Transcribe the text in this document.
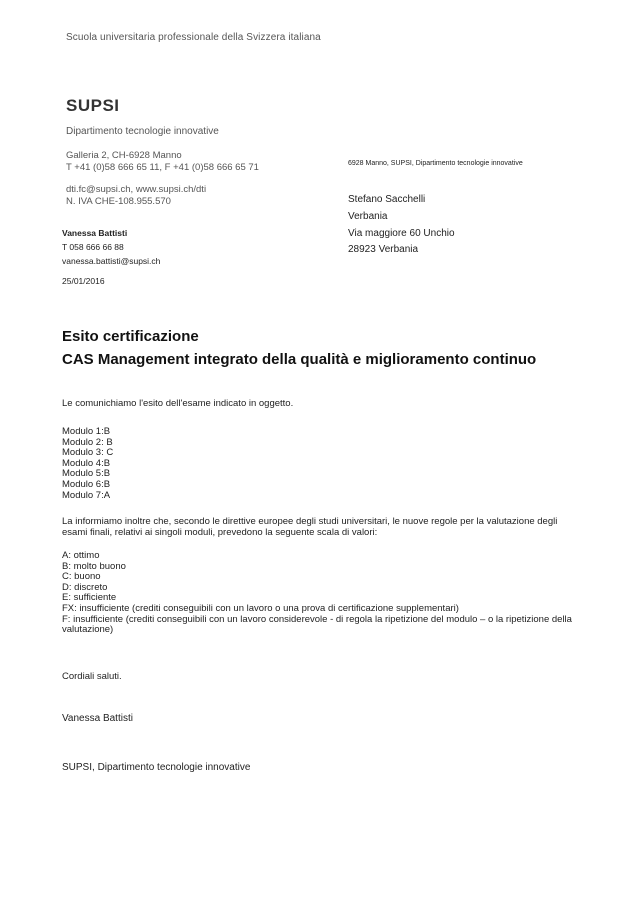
Scuola universitaria professionale della Svizzera italiana
SUPSI
Dipartimento tecnologie innovative
Galleria 2, CH-6928 Manno
T +41 (0)58 666 65 11, F +41 (0)58 666 65 71
dti.fc@supsi.ch, www.supsi.ch/dti
N. IVA CHE-108.955.570
6928 Manno, SUPSI, Dipartimento tecnologie innovative
Stefano Sacchelli
Verbania
Via maggiore 60 Unchio
28923 Verbania
Vanessa Battisti
T 058 666 66 88
vanessa.battisti@supsi.ch
25/01/2016
Esito certificazione
CAS Management integrato della qualità e miglioramento continuo
Le comunichiamo l'esito dell'esame indicato in oggetto.
Modulo 1:B
Modulo 2: B
Modulo 3: C
Modulo 4:B
Modulo 5:B
Modulo 6:B
Modulo 7:A
La informiamo inoltre che, secondo le direttive europee degli studi universitari, le nuove regole per la valutazione degli esami finali, relativi ai singoli moduli, prevedono la seguente scala di valori:
A: ottimo
B: molto buono
C: buono
D: discreto
E: sufficiente
FX: insufficiente (crediti conseguibili con un lavoro o una prova di certificazione supplementari)
F: insufficiente (crediti conseguibili con un lavoro considerevole - di regola la ripetizione del modulo – o la ripetizione della valutazione)
Cordiali saluti.
Vanessa Battisti
SUPSI, Dipartimento tecnologie innovative
